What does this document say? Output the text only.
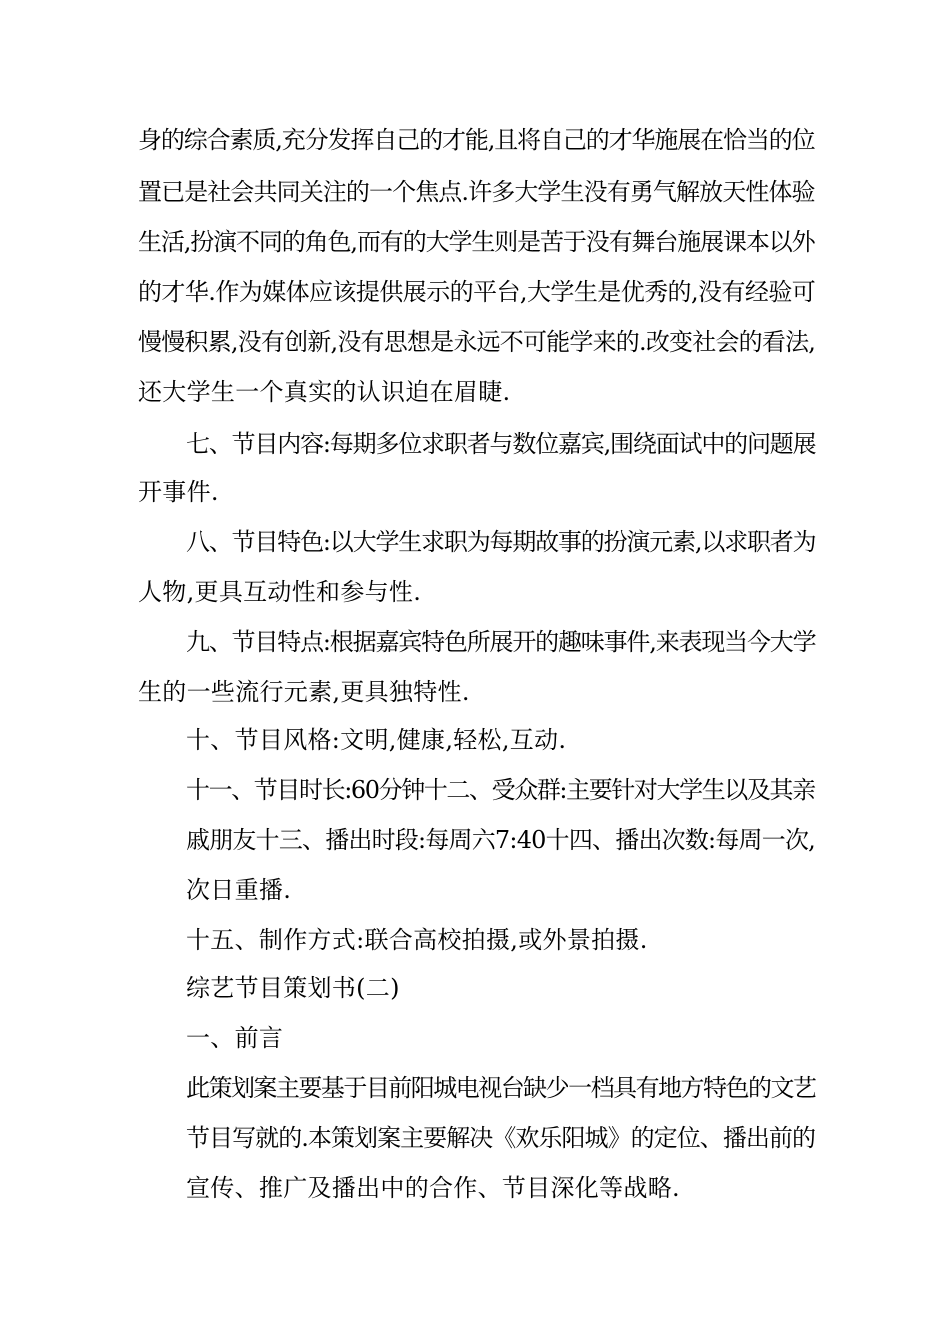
身的综合素质,充分发挥自己的才能,且将自己的才华施展在恰当的位
置已是社会共同关注的一个焦点.许多大学生没有勇气解放天性体验
生活,扮演不同的角色,而有的大学生则是苦于没有舞台施展课本以外
的才华.作为媒体应该提供展示的平台,大学生是优秀的,没有经验可
慢慢积累,没有创新,没有思想是永远不可能学来的.改变社会的看法,
还大学生一个真实的认识迫在眉睫.
七、节目内容:每期多位求职者与数位嘉宾,围绕面试中的问题展
开事件.
八、节目特色:以大学生求职为每期故事的扮演元素,以求职者为
人物,更具互动性和参与性.
九、节目特点:根据嘉宾特色所展开的趣味事件,来表现当今大学
生的一些流行元素,更具独特性.
十、节目风格:文明,健康,轻松,互动.
十一、节目时长:60分钟十二、受众群:主要针对大学生以及其亲
戚朋友十三、播出时段:每周六7:40十四、播出次数:每周一次,
次日重播.
十五、制作方式:联合高校拍摄,或外景拍摄.
综艺节目策划书(二)
一、前言
此策划案主要基于目前阳城电视台缺少一档具有地方特色的文艺
节目写就的.本策划案主要解决《欢乐阳城》的定位、播出前的
宣传、推广及播出中的合作、节目深化等战略.
